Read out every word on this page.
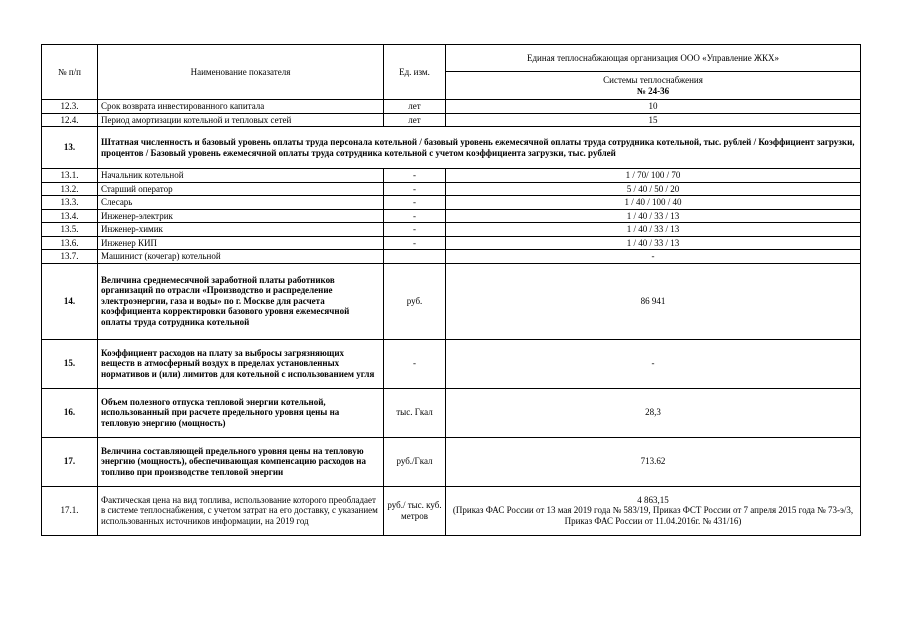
№ п/п	Наименование показателя	Ед. изм.	Единая теплоснабжающая организация ООО «Управление ЖКХ»

			Системы теплоснабжения
№ 24-36

12.3.	Срок возврата инвестированного капитала	лет	10
12.4.	Период амортизации котельной и тепловых сетей	лет	15
13.	Штатная численность и базовый уровень оплаты труда персонала котельной / базовый уровень ежемесячной оплаты труда сотрудника котельной, тыс. рублей / Коэффициент загрузки, процентов / Базовый уровень ежемесячной оплаты труда сотрудника котельной с учетом коэффициента загрузки, тыс. рублей		
13.1.	Начальник котельной	-	1 / 70/ 100 / 70
13.2.	Старший оператор	-	5 / 40 / 50 / 20
13.3.	Слесарь	-	1 / 40 / 100 / 40
13.4.	Инженер-электрик	-	1 / 40 / 33 / 13
13.5.	Инженер-химик	-	1 / 40 / 33 / 13
13.6.	Инженер КИП	-	1 / 40 / 33 / 13
13.7.	Машинист (кочегар) котельной		-
14.	Величина среднемесячной заработной платы работников организаций по отрасли «Производство и распределение электроэнергии, газа и воды» по г. Москве для расчета коэффициента корректировки базового уровня ежемесячной оплаты труда сотрудника котельной	руб.	86 941
15.	Коэффициент расходов на плату за выбросы загрязняющих веществ в атмосферный воздух в пределах установленных нормативов и (или) лимитов для котельной с использованием угля	-	-
16.	Объем полезного отпуска тепловой энергии котельной, использованный при расчете предельного уровня цены на тепловую энергию (мощность)	тыс. Гкал	28,3
17.	Величина составляющей предельного уровня цены на тепловую энергию (мощность), обеспечивающая компенсацию расходов на топливо при производстве тепловой энергии	руб./Гкал	713.62
17.1.	Фактическая цена на вид топлива, использование которого преобладает в системе теплоснабжения, с учетом затрат на его доставку, с указанием использованных источников информации, на 2019 год	руб./ тыс. куб. метров	4 863,15
(Приказ ФАС России от 13 мая 2019 года № 583/19, Приказ ФСТ России от 7 апреля 2015 года № 73-э/3, Приказ ФАС России от 11.04.2016г. № 431/16)
